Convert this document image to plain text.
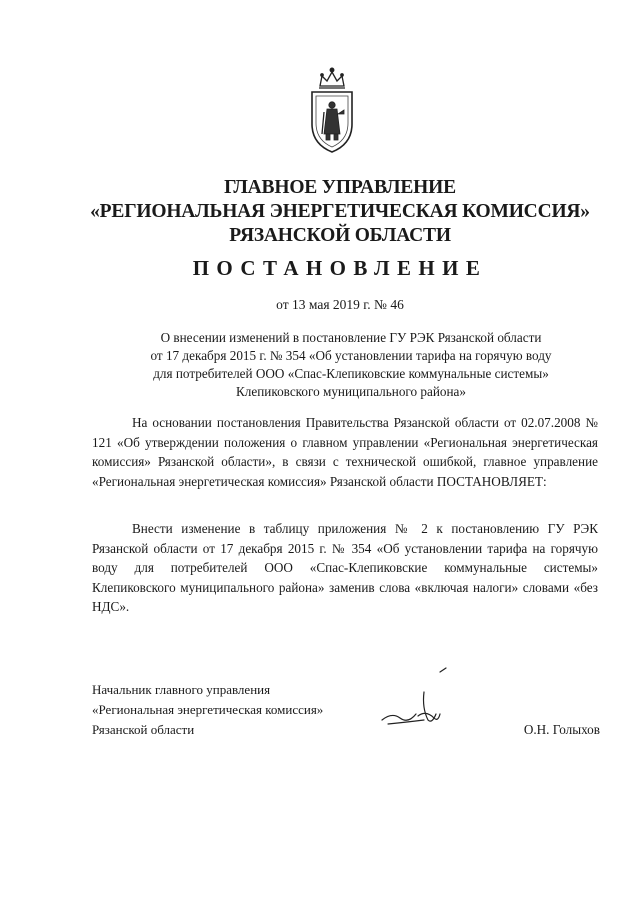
ГЛАВНОЕ УПРАВЛЕНИЕ
«РЕГИОНАЛЬНАЯ ЭНЕРГЕТИЧЕСКАЯ КОМИССИЯ»
РЯЗАНСКОЙ ОБЛАСТИ
ПОСТАНОВЛЕНИЕ
от 13 мая 2019 г. № 46
О внесении изменений в постановление ГУ РЭК Рязанской области
от 17 декабря 2015 г. № 354 «Об установлении тарифа на горячую воду
для потребителей ООО «Спас-Клепиковские коммунальные системы»
Клепиковского муниципального района»
На основании постановления Правительства Рязанской области от 02.07.2008 № 121 «Об утверждении положения о главном управлении «Региональная энергетическая комиссия» Рязанской области», в связи с технической ошибкой, главное управление «Региональная энергетическая комиссия» Рязанской области ПОСТАНОВЛЯЕТ:
Внести изменение в таблицу приложения № 2 к постановлению ГУ РЭК Рязанской области от 17 декабря 2015 г. № 354 «Об установлении тарифа на горячую воду для потребителей ООО «Спас-Клепиковские коммунальные системы» Клепиковского муниципального района» заменив слова «включая налоги» словами «без НДС».
Начальник главного управления
«Региональная энергетическая комиссия»
Рязанской области	О.Н. Голыхов
